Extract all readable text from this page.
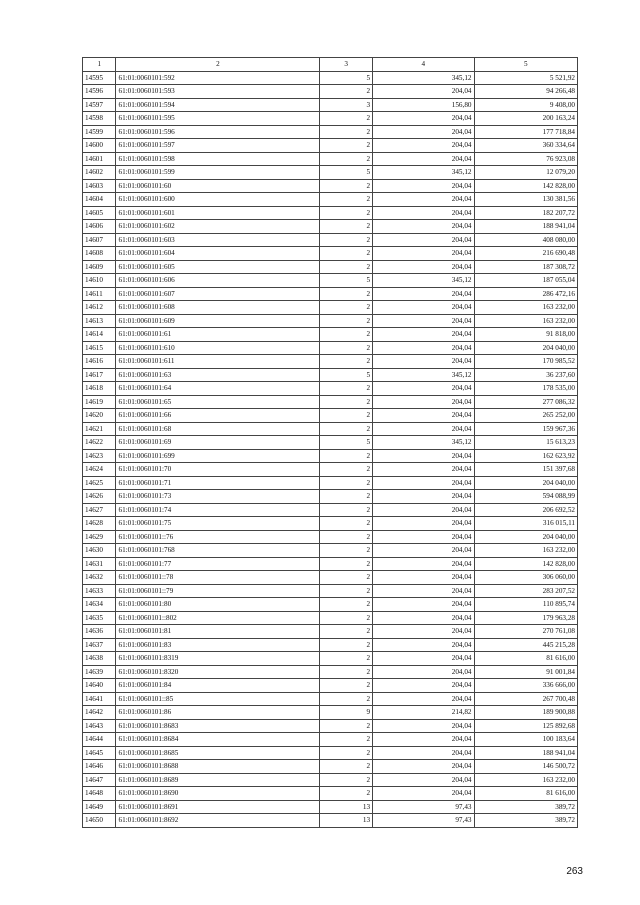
1	2	3	4	5
14595	61:01:0060101:592	5	345,12	5 521,92
14596	61:01:0060101:593	2	204,04	94 266,48
14597	61:01:0060101:594	3	156,80	9 408,00
14598	61:01:0060101:595	2	204,04	200 163,24
14599	61:01:0060101:596	2	204,04	177 718,84
14600	61:01:0060101:597	2	204,04	360 334,64
14601	61:01:0060101:598	2	204,04	76 923,08
14602	61:01:0060101:599	5	345,12	12 079,20
14603	61:01:0060101:60	2	204,04	142 828,00
14604	61:01:0060101:600	2	204,04	130 381,56
14605	61:01:0060101:601	2	204,04	182 207,72
14606	61:01:0060101:602	2	204,04	188 941,04
14607	61:01:0060101:603	2	204,04	408 080,00
14608	61:01:0060101:604	2	204,04	216 690,48
14609	61:01:0060101:605	2	204,04	187 308,72
14610	61:01:0060101:606	5	345,12	187 055,04
14611	61:01:0060101:607	2	204,04	286 472,16
14612	61:01:0060101:608	2	204,04	163 232,00
14613	61:01:0060101:609	2	204,04	163 232,00
14614	61:01:0060101:61	2	204,04	91 818,00
14615	61:01:0060101:610	2	204,04	204 040,00
14616	61:01:0060101:611	2	204,04	170 985,52
14617	61:01:0060101:63	5	345,12	36 237,60
14618	61:01:0060101:64	2	204,04	178 535,00
14619	61:01:0060101:65	2	204,04	277 086,32
14620	61:01:0060101:66	2	204,04	265 252,00
14621	61:01:0060101:68	2	204,04	159 967,36
14622	61:01:0060101:69	5	345,12	15 613,23
14623	61:01:0060101:699	2	204,04	162 623,92
14624	61:01:0060101:70	2	204,04	151 397,68
14625	61:01:0060101:71	2	204,04	204 040,00
14626	61:01:0060101:73	2	204,04	594 088,99
14627	61:01:0060101:74	2	204,04	206 692,52
14628	61:01:0060101:75	2	204,04	316 015,11
14629	61:01:0060101::76	2	204,04	204 040,00
14630	61:01:0060101:768	2	204,04	163 232,00
14631	61:01:0060101:77	2	204,04	142 828,00
14632	61:01:0060101::78	2	204,04	306 060,00
14633	61:01:0060101::79	2	204,04	283 207,52
14634	61:01:0060101:80	2	204,04	110 895,74
14635	61:01:0060101::802	2	204,04	179 963,28
14636	61:01:0060101:81	2	204,04	270 761,08
14637	61:01:0060101:83	2	204,04	445 215,28
14638	61:01:0060101:8319	2	204,04	81 616,00
14639	61:01:0060101:8320	2	204,04	91 001,84
14640	61:01:0060101:84	2	204,04	336 666,00
14641	61:01:0060101::85	2	204,04	267 700,48
14642	61:01:0060101:86	9	214,82	189 900,88
14643	61:01:0060101:8683	2	204,04	125 892,68
14644	61:01:0060101:8684	2	204,04	100 183,64
14645	61:01:0060101:8685	2	204,04	188 941,04
14646	61:01:0060101:8688	2	204,04	146 500,72
14647	61:01:0060101:8689	2	204,04	163 232,00
14648	61:01:0060101:8690	2	204,04	81 616,00
14649	61:01:0060101:8691	13	97,43	389,72
14650	61:01:0060101:8692	13	97,43	389,72
263
